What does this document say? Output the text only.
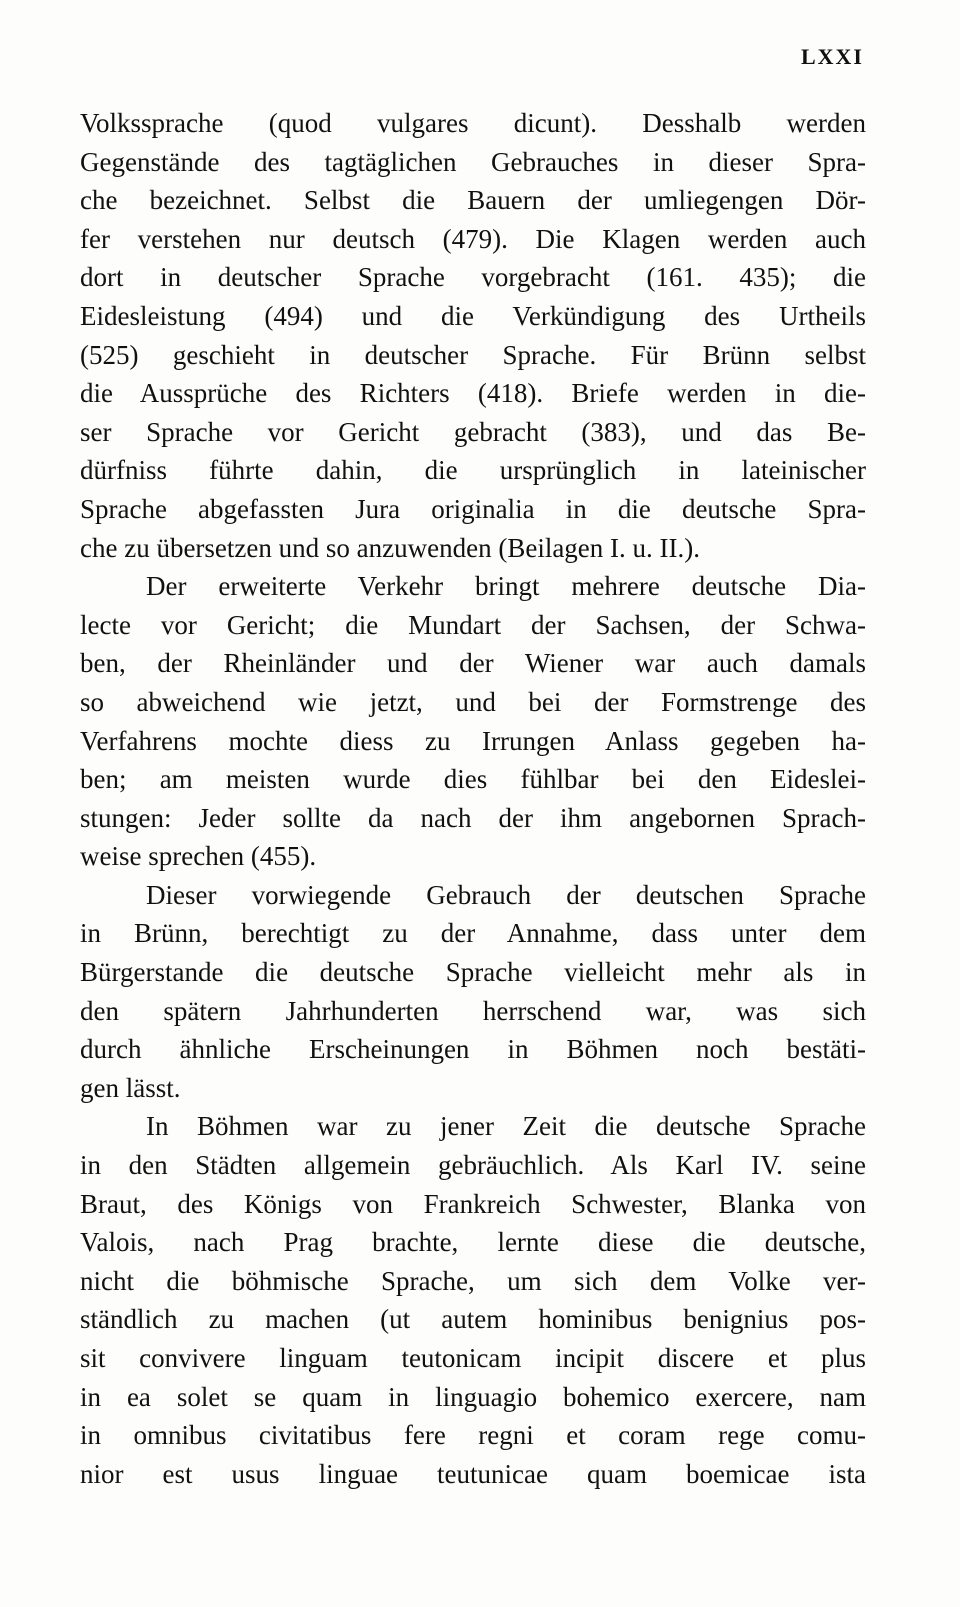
LXXI
Volkssprache (quod vulgares dicunt). Desshalb werden
Gegenstände des tagtäglichen Gebrauches in dieser Spra-
che bezeichnet. Selbst die Bauern der umliegengen Dör-
fer verstehen nur deutsch (479). Die Klagen werden auch
dort in deutscher Sprache vorgebracht (161. 435); die
Eidesleistung (494) und die Verkündigung des Urtheils
(525) geschieht in deutscher Sprache. Für Brünn selbst
die Aussprüche des Richters (418). Briefe werden in die-
ser Sprache vor Gericht gebracht (383), und das Be-
dürfniss führte dahin, die ursprünglich in lateinischer
Sprache abgefassten Jura originalia in die deutsche Spra-
che zu übersetzen und so anzuwenden (Beilagen I. u. II.).
Der erweiterte Verkehr bringt mehrere deutsche Dia-
lecte vor Gericht; die Mundart der Sachsen, der Schwa-
ben, der Rheinländer und der Wiener war auch damals
so abweichend wie jetzt, und bei der Formstrenge des
Verfahrens mochte diess zu Irrungen Anlass gegeben ha-
ben; am meisten wurde dies fühlbar bei den Eideslei-
stungen: Jeder sollte da nach der ihm angebornen Sprach-
weise sprechen (455).
Dieser vorwiegende Gebrauch der deutschen Sprache
in Brünn, berechtigt zu der Annahme, dass unter dem
Bürgerstande die deutsche Sprache vielleicht mehr als in
den spätern Jahrhunderten herrschend war, was sich
durch ähnliche Erscheinungen in Böhmen noch bestäti-
gen lässt.
In Böhmen war zu jener Zeit die deutsche Sprache
in den Städten allgemein gebräuchlich. Als Karl IV. seine
Braut, des Königs von Frankreich Schwester, Blanka von
Valois, nach Prag brachte, lernte diese die deutsche,
nicht die böhmische Sprache, um sich dem Volke ver-
ständlich zu machen (ut autem hominibus benignius pos-
sit convivere linguam teutonicam incipit discere et plus
in ea solet se quam in linguagio bohemico exercere, nam
in omnibus civitatibus fere regni et coram rege comu-
nior est usus linguae teutunicae quam boemicae ista
